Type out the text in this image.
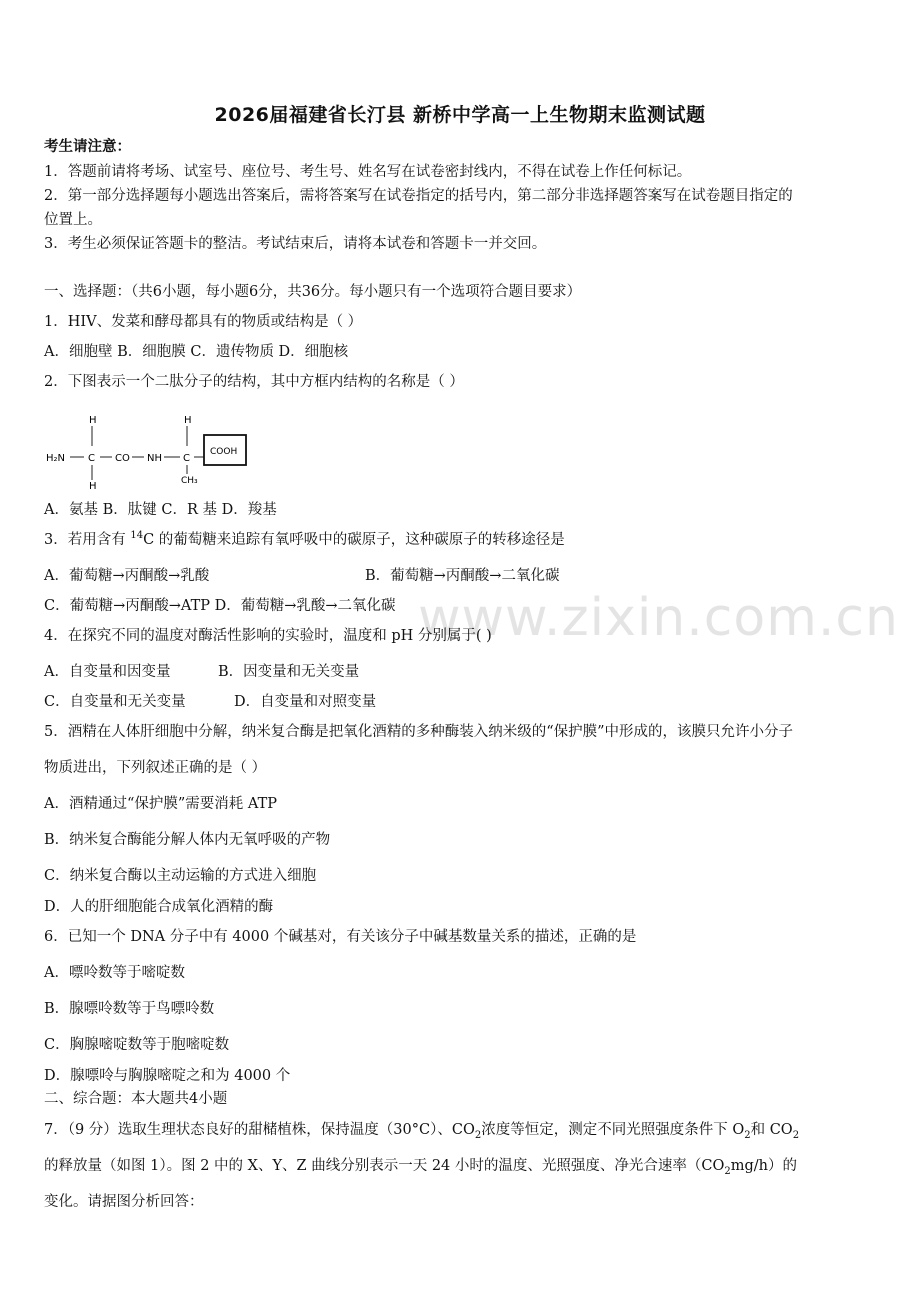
www.zixin.com.cn
2026届福建省长汀县 新桥中学高一上生物期末监测试题
考生请注意：
1．答题前请将考场、试室号、座位号、考生号、姓名写在试卷密封线内，不得在试卷上作任何标记。
2．第一部分选择题每小题选出答案后，需将答案写在试卷指定的括号内，第二部分非选择题答案写在试卷题目指定的
位置上。
3．考生必须保证答题卡的整洁。考试结束后，请将本试卷和答题卡一并交回。
一、选择题：（共6小题，每小题6分，共36分。每小题只有一个选项符合题目要求）
1．HIV、发菜和酵母都具有的物质或结构是（ ）
A．细胞壁 B．细胞膜 C．遗传物质 D．细胞核
2．下图表示一个二肽分子的结构，其中方框内结构的名称是（ ）
H₂N
H
C
H
CO NH
H
C
CH₃
COOH
A．氨基 B．肽键 C．R 基 D．羧基
3．若用含有 $^{14}$C 的葡萄糖来追踪有氧呼吸中的碳原子，这种碳原子的转移途径是
A．葡萄糖→丙酮酸→乳酸	B．葡萄糖→丙酮酸→二氧化碳
C．葡萄糖→丙酮酸→ATP D．葡萄糖→乳酸→二氧化碳
4．在探究不同的温度对酶活性影响的实验时，温度和 pH 分别属于( )
A．自变量和因变量	B．因变量和无关变量
C．自变量和无关变量	D．自变量和对照变量
5．酒精在人体肝细胞中分解，纳米复合酶是把氧化酒精的多种酶装入纳米级的“保护膜”中形成的，该膜只允许小分子
物质进出，下列叙述正确的是（ ）
A．酒精通过“保护膜”需要消耗 ATP
B．纳米复合酶能分解人体内无氧呼吸的产物
C．纳米复合酶以主动运输的方式进入细胞
D．人的肝细胞能合成氧化酒精的酶
6．已知一个 DNA 分子中有 4000 个碱基对，有关该分子中碱基数量关系的描述，正确的是
A．嘌呤数等于嘧啶数
B．腺嘌呤数等于鸟嘌呤数
C．胸腺嘧啶数等于胞嘧啶数
D．腺嘌呤与胸腺嘧啶之和为 4000 个
二、综合题：本大题共4小题
7．（9 分）选取生理状态良好的甜槠植株，保持温度（30°C）、$CO_2$浓度等恒定，测定不同光照强度条件下 $O_2$和 $CO_2$
的释放量（如图 1）。图 2 中的 X、Y、Z 曲线分别表示一天 24 小时的温度、光照强度、净光合速率$(CO_2mg/h)$的
变化。请据图分析回答：
